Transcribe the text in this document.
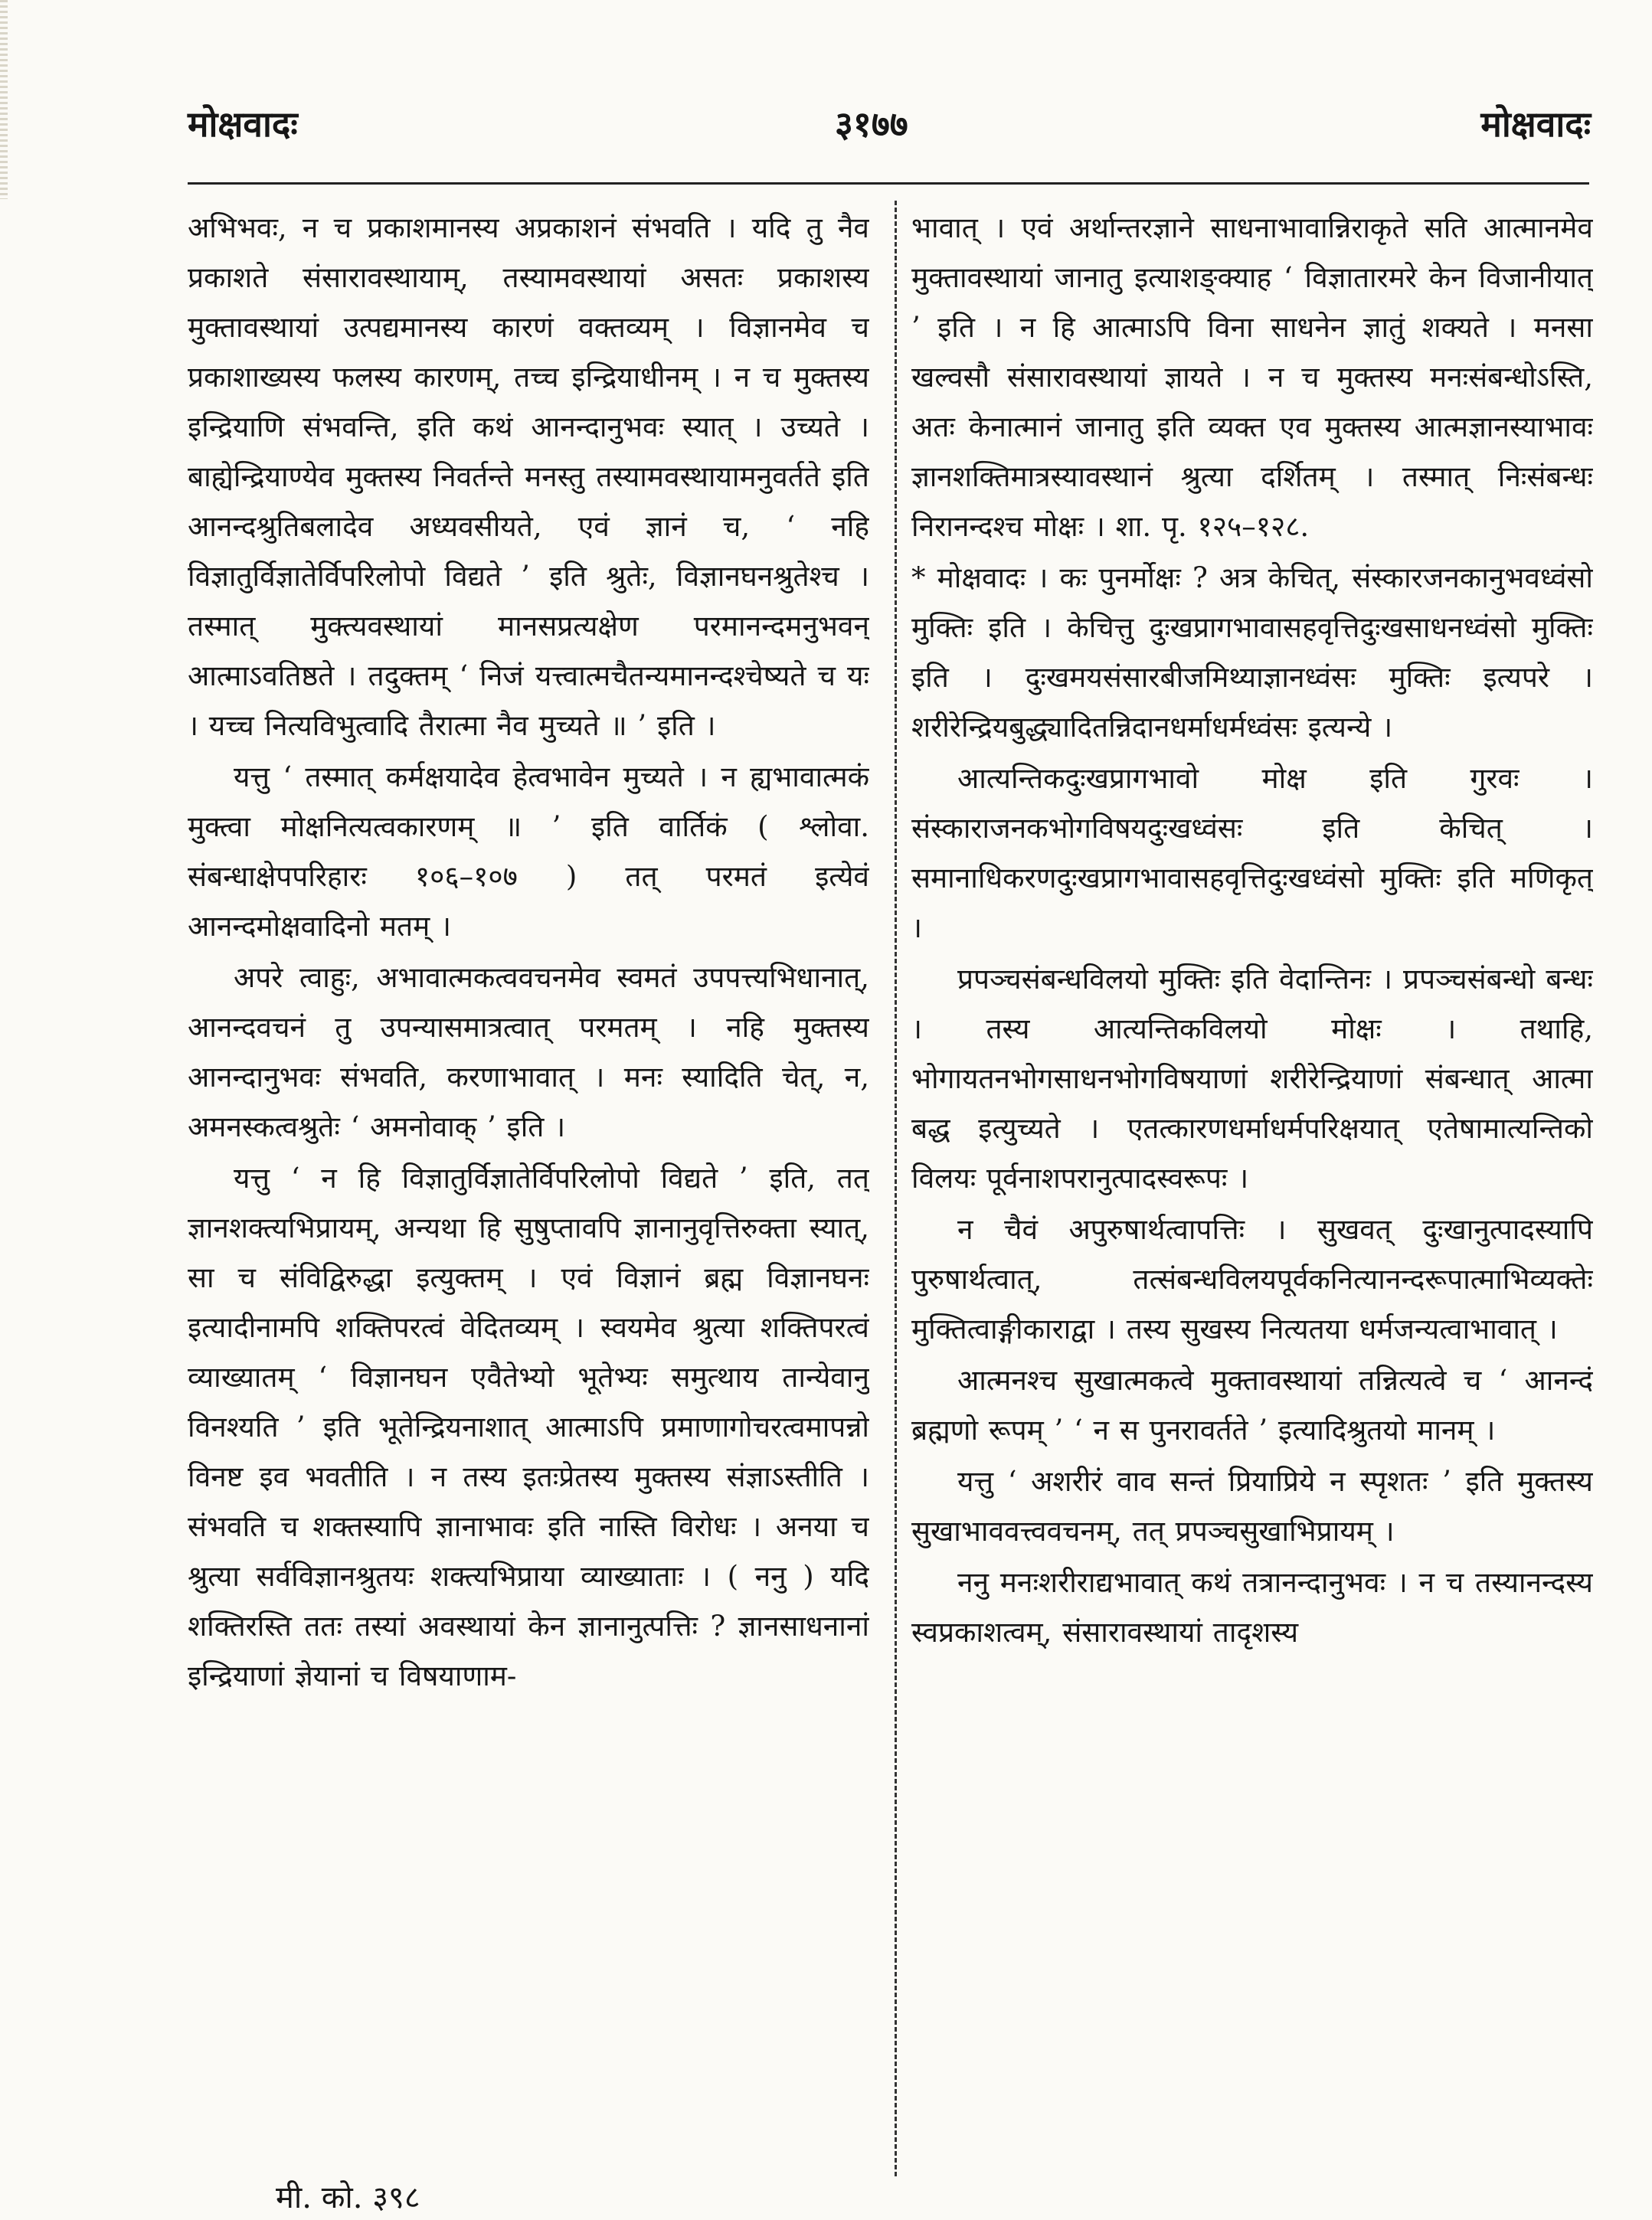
मोक्षवादः	३१७७	मोक्षवादः

अभिभवः, न च प्रकाशमानस्य अप्रकाशनं संभवति । यदि तु नैव प्रकाशते संसारावस्थायाम्, तस्यामवस्थायां असतः प्रकाशस्य मुक्तावस्थायां उत्पद्यमानस्य कारणं वक्तव्यम् । विज्ञानमेव च प्रकाशाख्यस्य फलस्य कारणम्, तच्च इन्द्रियाधीनम् । न च मुक्तस्य इन्द्रियाणि संभवन्ति, इति कथं आनन्दानुभवः स्यात् । उच्यते । बाह्येन्द्रियाण्येव मुक्तस्य निवर्तन्ते मनस्तु तस्यामवस्थायामनुवर्तते इति आनन्दश्रुतिबलादेव अध्यवसीयते, एवं ज्ञानं च, ‘ नहि विज्ञातुर्विज्ञातेर्विपरिलोपो विद्यते ’ इति श्रुतेः, विज्ञानघनश्रुतेश्च । तस्मात् मुक्त्यवस्थायां मानसप्रत्यक्षेण परमानन्दमनुभवन् आत्माऽवतिष्ठते । तदुक्तम् ‘ निजं यत्त्वात्मचैतन्यमानन्दश्चेष्यते च यः । यच्च नित्यविभुत्वादि तैरात्मा नैव मुच्यते ॥ ’ इति ।

यत्तु ‘ तस्मात् कर्मक्षयादेव हेत्वभावेन मुच्यते । न ह्यभावात्मकं मुक्त्वा मोक्षनित्यत्वकारणम् ॥ ’ इति वार्तिकं ( श्लोवा. संबन्धाक्षेपपरिहारः १०६–१०७ ) तत् परमतं इत्येवं आनन्दमोक्षवादिनो मतम् ।

अपरे त्वाहुः, अभावात्मकत्ववचनमेव स्वमतं उपपत्त्यभिधानात्, आनन्दवचनं तु उपन्यासमात्रत्वात् परमतम् । नहि मुक्तस्य आनन्दानुभवः संभवति, करणाभावात् । मनः स्यादिति चेत्, न, अमनस्कत्वश्रुतेः ‘ अमनोवाक् ’ इति ।

यत्तु ‘ न हि विज्ञातुर्विज्ञातेर्विपरिलोपो विद्यते ’ इति, तत् ज्ञानशक्त्यभिप्रायम्, अन्यथा हि सुषुप्तावपि ज्ञानानुवृत्तिरुक्ता स्यात्, सा च संविद्विरुद्धा इत्युक्तम् । एवं विज्ञानं ब्रह्म विज्ञानघनः इत्यादीनामपि शक्तिपरत्वं वेदितव्यम् । स्वयमेव श्रुत्या शक्तिपरत्वं व्याख्यातम् ‘ विज्ञानघन एवैतेभ्यो भूतेभ्यः समुत्थाय तान्येवानु विनश्यति ’ इति भूतेन्द्रियनाशात् आत्माऽपि प्रमाणागोचरत्वमापन्नो विनष्ट इव भवतीति । न तस्य इतःप्रेतस्य मुक्तस्य संज्ञाऽस्तीति । संभवति च शक्तस्यापि ज्ञानाभावः इति नास्ति विरोधः । अनया च श्रुत्या सर्वविज्ञानश्रुतयः शक्त्यभिप्राया व्याख्याताः । ( ननु ) यदि शक्तिरस्ति ततः तस्यां अवस्थायां केन ज्ञानानुत्पत्तिः ? ज्ञानसाधनानां इन्द्रियाणां ज्ञेयानां च विषयाणाम-

भावात् । एवं अर्थान्तरज्ञाने साधनाभावान्निराकृते सति आत्मानमेव मुक्तावस्थायां जानातु इत्याशङ्क्याह ‘ विज्ञातारमरे केन विजानीयात् ’ इति । न हि आत्माऽपि विना साधनेन ज्ञातुं शक्यते । मनसा खल्वसौ संसारावस्थायां ज्ञायते । न च मुक्तस्य मनःसंबन्धोऽस्ति, अतः केनात्मानं जानातु इति व्यक्त एव मुक्तस्य आत्मज्ञानस्याभावः ज्ञानशक्तिमात्रस्यावस्थानं श्रुत्या दर्शितम् । तस्मात् निःसंबन्धः निरानन्दश्च मोक्षः । शा. पृ. १२५–१२८.

* मोक्षवादः । कः पुनर्मोक्षः ? अत्र केचित्, संस्कारजनकानुभवध्वंसो मुक्तिः इति । केचित्तु दुःखप्रागभावासहवृत्तिदुःखसाधनध्वंसो मुक्तिः इति । दुःखमयसंसारबीजमिथ्याज्ञानध्वंसः मुक्तिः इत्यपरे । शरीरेन्द्रियबुद्ध्यादितन्निदानधर्माधर्मध्वंसः इत्यन्ये ।

आत्यन्तिकदुःखप्रागभावो मोक्ष इति गुरवः । संस्काराजनकभोगविषयदुःखध्वंसः इति केचित् । समानाधिकरणदुःखप्रागभावासहवृत्तिदुःखध्वंसो मुक्तिः इति मणिकृत् ।

प्रपञ्चसंबन्धविलयो मुक्तिः इति वेदान्तिनः । प्रपञ्चसंबन्धो बन्धः । तस्य आत्यन्तिकविलयो मोक्षः । तथाहि, भोगायतनभोगसाधनभोगविषयाणां शरीरेन्द्रियाणां संबन्धात् आत्मा बद्ध इत्युच्यते । एतत्कारणधर्माधर्मपरिक्षयात् एतेषामात्यन्तिको विलयः पूर्वनाशपरानुत्पादस्वरूपः ।

न चैवं अपुरुषार्थत्वापत्तिः । सुखवत् दुःखानुत्पादस्यापि पुरुषार्थत्वात्, तत्संबन्धविलयपूर्वकनित्यानन्दरूपात्माभिव्यक्तेः मुक्तित्वाङ्गीकाराद्वा । तस्य सुखस्य नित्यतया धर्मजन्यत्वाभावात् ।

आत्मनश्च सुखात्मकत्वे मुक्तावस्थायां तन्नित्यत्वे च ‘ आनन्दं ब्रह्मणो रूपम् ’ ‘ न स पुनरावर्तते ’ इत्यादिश्रुतयो मानम् ।

यत्तु ‘ अशरीरं वाव सन्तं प्रियाप्रिये न स्पृशतः ’ इति मुक्तस्य सुखाभाववत्त्ववचनम्, तत् प्रपञ्चसुखाभिप्रायम् ।

ननु मनःशरीराद्यभावात् कथं तत्रानन्दानुभवः । न च तस्यानन्दस्य स्वप्रकाशत्वम्, संसारावस्थायां तादृशस्य

मी. को. ३९८
